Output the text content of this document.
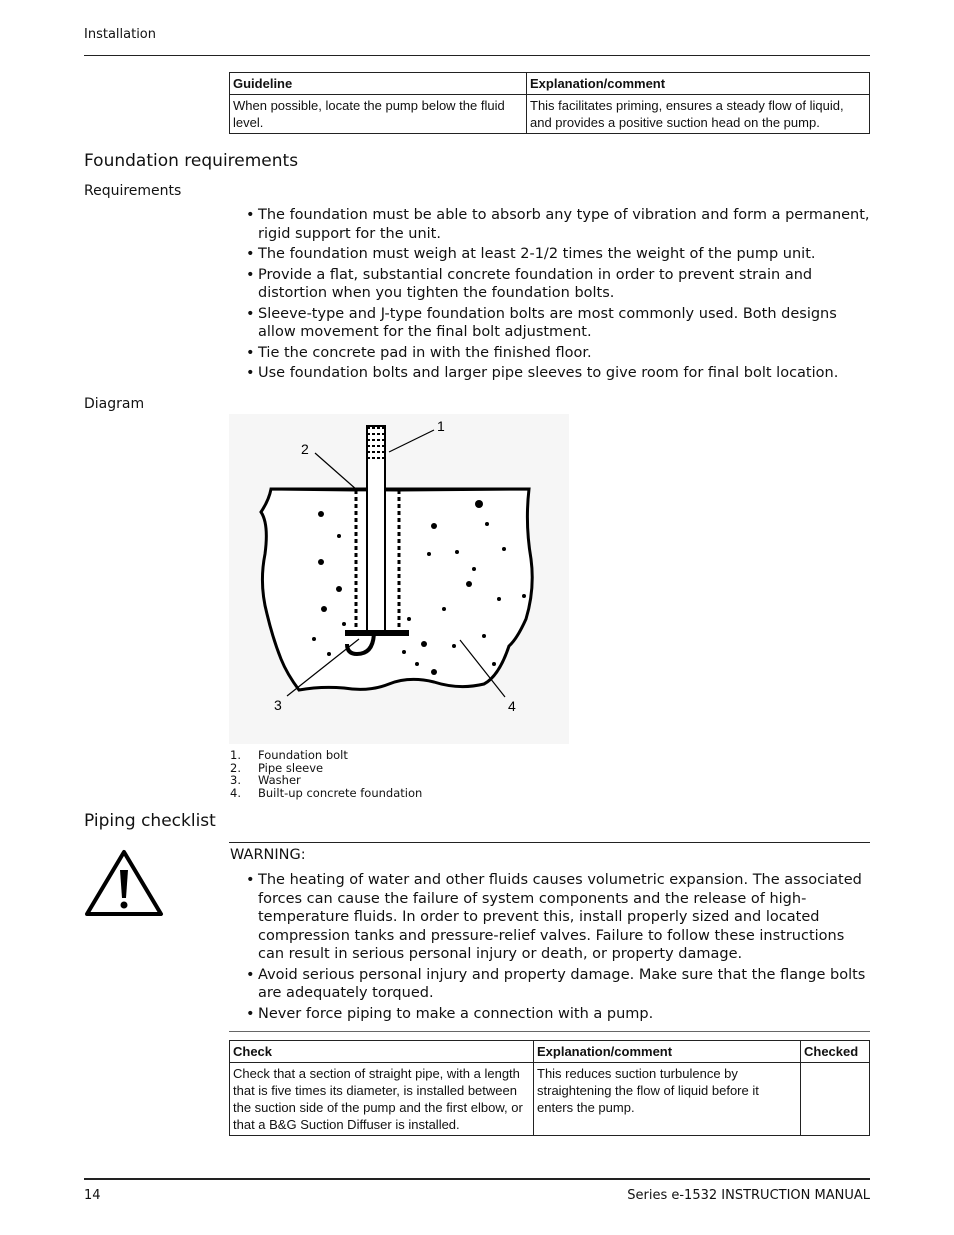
Installation
Guideline	Explanation/comment
When possible, locate the pump below the fluid level.	This facilitates priming, ensures a steady flow of liquid, and provides a positive suction head on the pump.
Foundation requirements
Requirements
• The foundation must be able to absorb any type of vibration and form a permanent, rigid support for the unit.
• The foundation must weigh at least 2-1/2 times the weight of the pump unit.
• Provide a flat, substantial concrete foundation in order to prevent strain and distortion when you tighten the foundation bolts.
• Sleeve-type and J-type foundation bolts are most commonly used. Both designs allow movement for the final bolt adjustment.
• Tie the concrete pad in with the finished floor.
• Use foundation bolts and larger pipe sleeves to give room for final bolt location.
Diagram
1
2
3	4
1.	Foundation bolt
2.	Pipe sleeve
3.	Washer
4.	Built-up concrete foundation
Piping checklist
WARNING:
• The heating of water and other fluids causes volumetric expansion. The associated forces can cause the failure of system components and the release of high-temperature fluids. In order to prevent this, install properly sized and located compression tanks and pressure-relief valves. Failure to follow these instructions can result in serious personal injury or death, or property damage.
• Avoid serious personal injury and property damage. Make sure that the flange bolts are adequately torqued.
• Never force piping to make a connection with a pump.
Check	Explanation/comment	Checked
Check that a section of straight pipe, with a length that is five times its diameter, is installed between the suction side of the pump and the first elbow, or that a B&G Suction Diffuser is installed.	This reduces suction turbulence by straightening the flow of liquid before it enters the pump.	
14	Series e-1532 INSTRUCTION MANUAL
